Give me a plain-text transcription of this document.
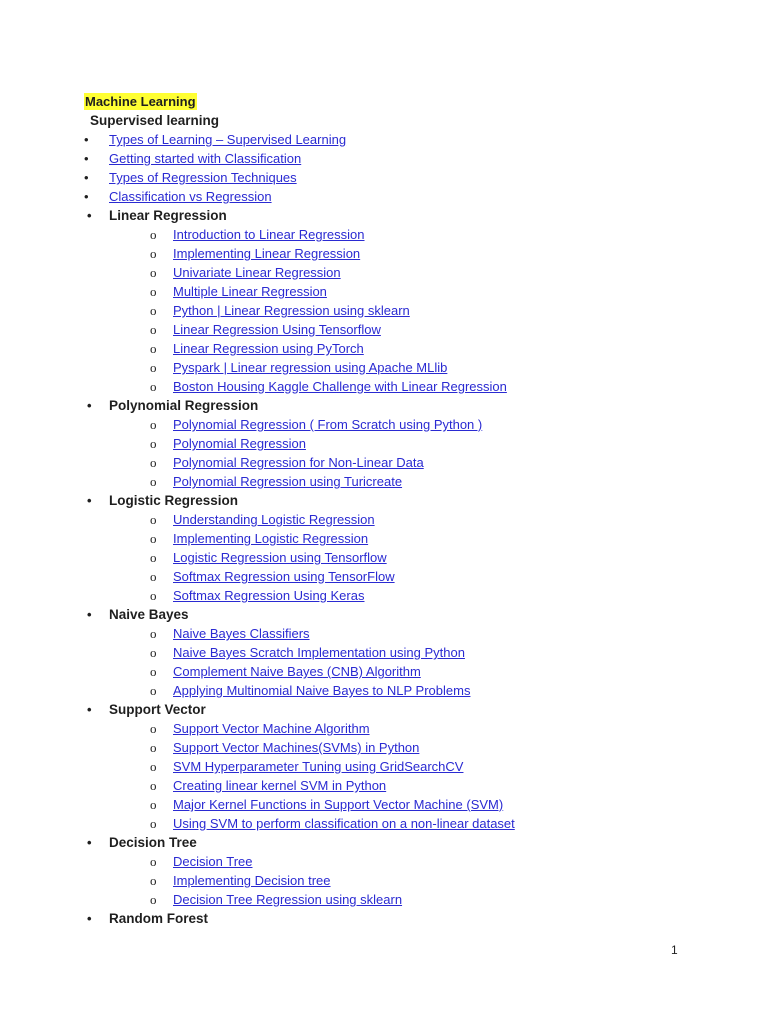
Machine Learning
Supervised learning
•	Types of Learning – Supervised Learning
•	Getting started with Classification
•	Types of Regression Techniques
•	Classification vs Regression
• Linear Regression
o	Introduction to Linear Regression
o	Implementing Linear Regression
o	Univariate Linear Regression
o	Multiple Linear Regression
o	Python | Linear Regression using sklearn
o	Linear Regression Using Tensorflow
o	Linear Regression using PyTorch
o	Pyspark | Linear regression using Apache MLlib
o	Boston Housing Kaggle Challenge with Linear Regression
• Polynomial Regression
o	Polynomial Regression ( From Scratch using Python )
o	Polynomial Regression
o	Polynomial Regression for Non-Linear Data
o	Polynomial Regression using Turicreate
• Logistic Regression
o	Understanding Logistic Regression
o	Implementing Logistic Regression
o	Logistic Regression using Tensorflow
o	Softmax Regression using TensorFlow
o	Softmax Regression Using Keras
• Naive Bayes
o	Naive Bayes Classifiers
o	Naive Bayes Scratch Implementation using Python
o	Complement Naive Bayes (CNB) Algorithm
o	Applying Multinomial Naive Bayes to NLP Problems
• Support Vector
o	Support Vector Machine Algorithm
o	Support Vector Machines(SVMs) in Python
o	SVM Hyperparameter Tuning using GridSearchCV
o	Creating linear kernel SVM in Python
o	Major Kernel Functions in Support Vector Machine (SVM)
o	Using SVM to perform classification on a non-linear dataset
• Decision Tree
o	Decision Tree
o	Implementing Decision tree
o	Decision Tree Regression using sklearn
• Random Forest
1
